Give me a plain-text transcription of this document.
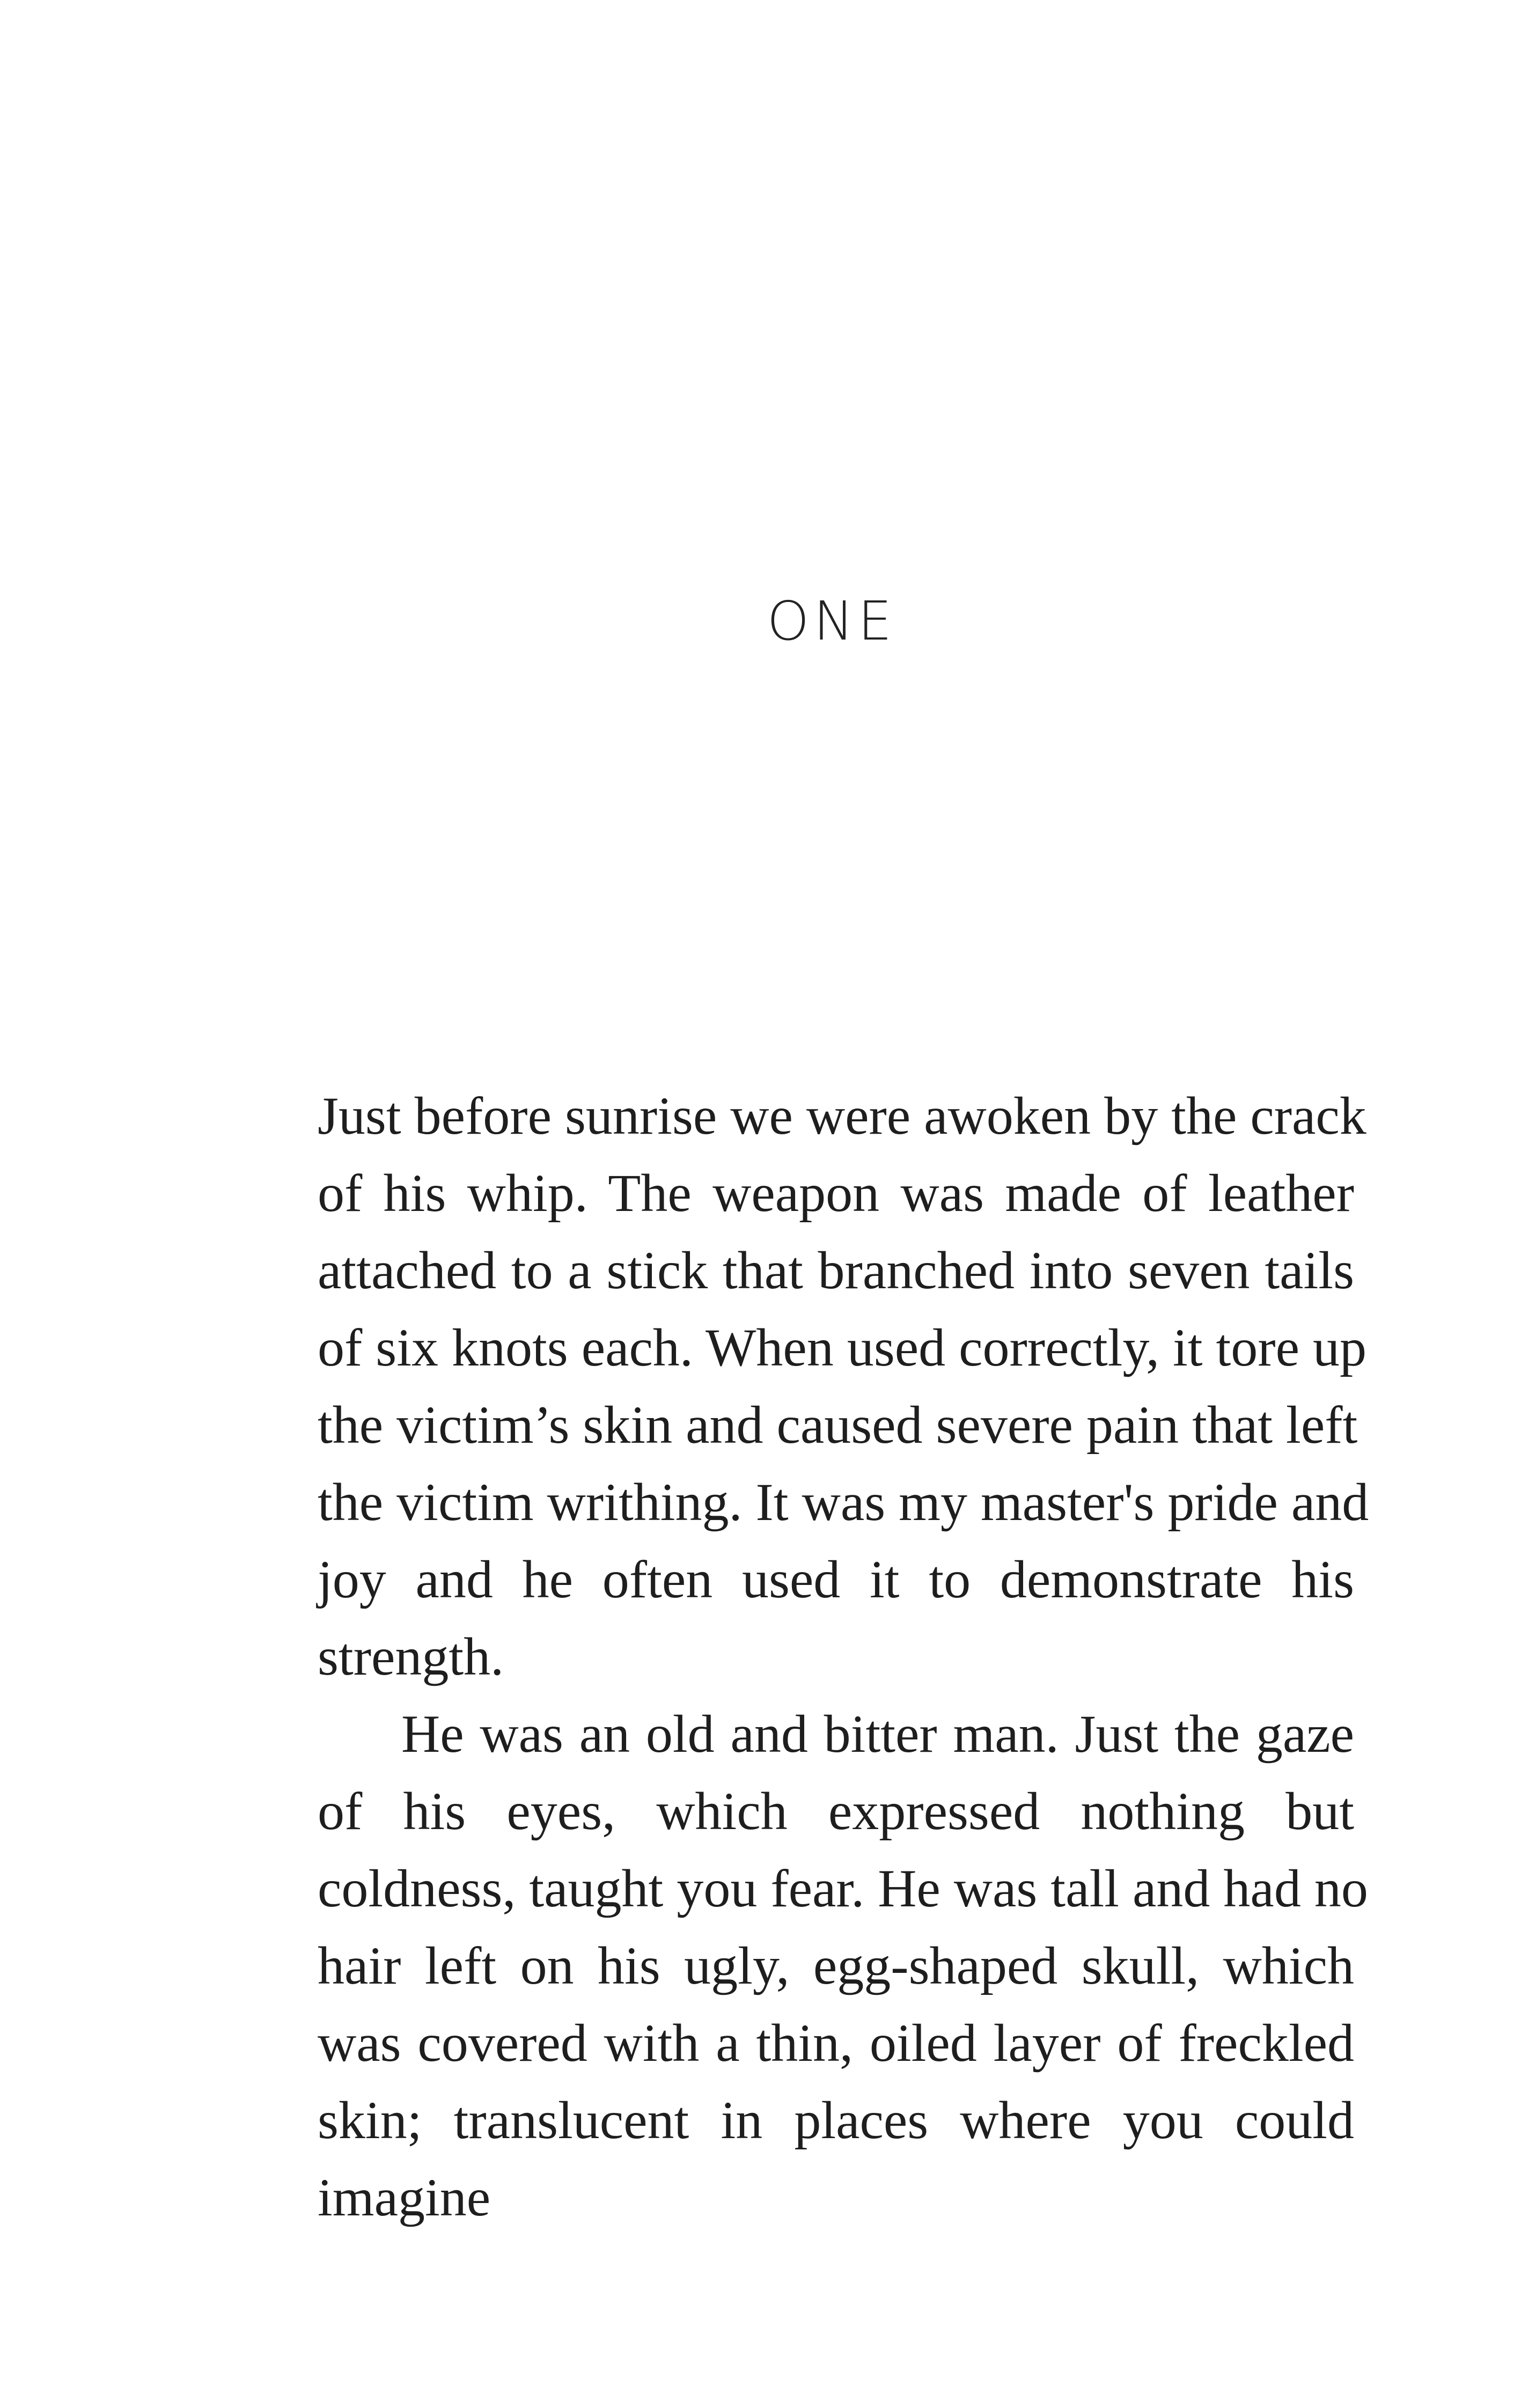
ONE
Just before sunrise we were awoken by the crack
of his whip. The weapon was made of leather
attached to a stick that branched into seven tails
of six knots each. When used correctly, it tore up
the victim’s skin and caused severe pain that left
the victim writhing. It was my master's pride and
joy and he often used it to demonstrate his
strength.
He was an old and bitter man. Just the gaze
of his eyes, which expressed nothing but
coldness, taught you fear. He was tall and had no
hair left on his ugly, egg-shaped skull, which
was covered with a thin, oiled layer of freckled
skin; translucent in places where you could
imagine
